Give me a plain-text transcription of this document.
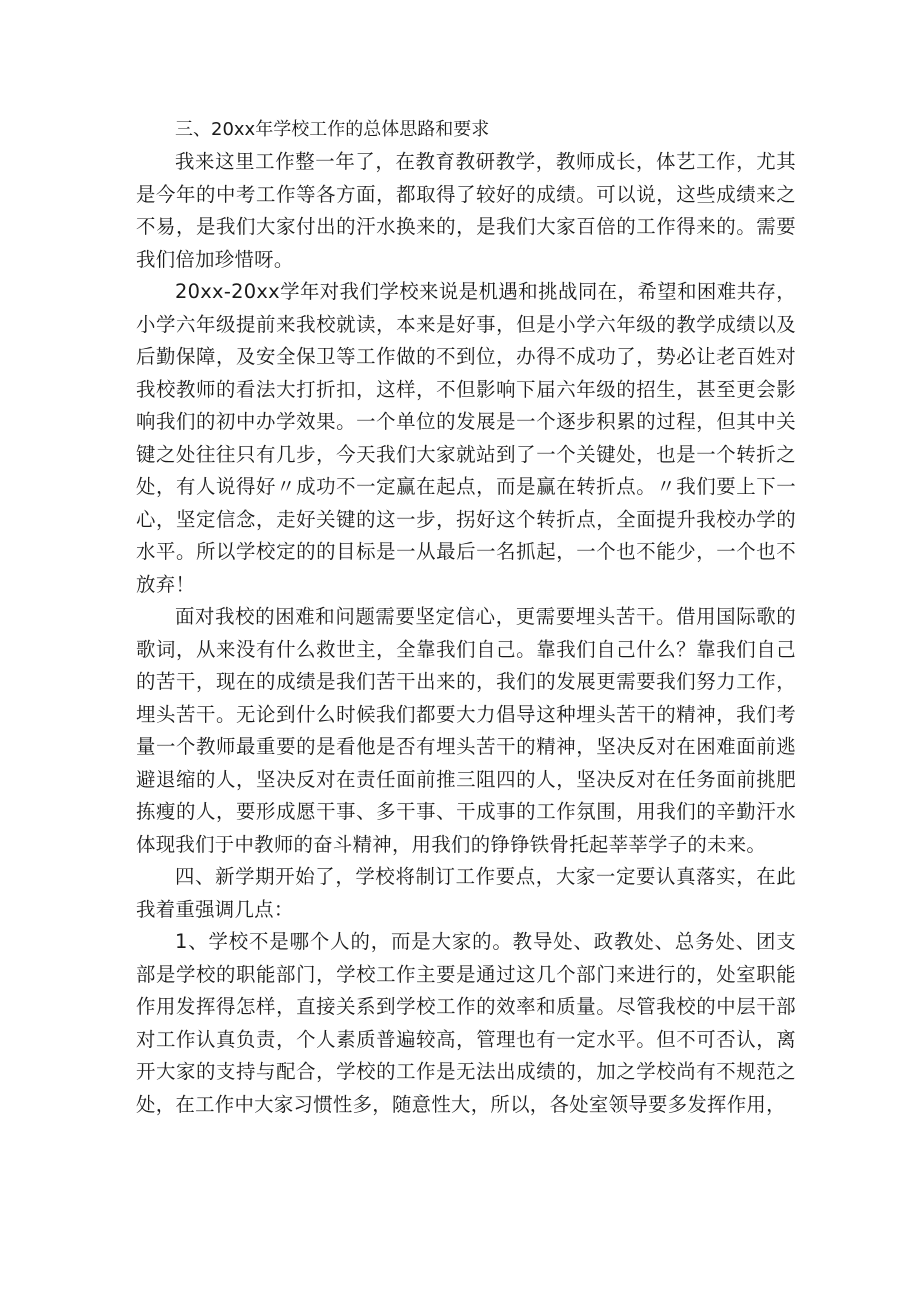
三、20xx年学校工作的总体思路和要求

我来这里工作整一年了，在教育教研教学，教师成长，体艺工作，尤其是今年的中考工作等各方面，都取得了较好的成绩。可以说，这些成绩来之不易，是我们大家付出的汗水换来的，是我们大家百倍的工作得来的。需要我们倍加珍惜呀。

20xx-20xx学年对我们学校来说是机遇和挑战同在，希望和困难共存，小学六年级提前来我校就读，本来是好事，但是小学六年级的教学成绩以及后勤保障，及安全保卫等工作做的不到位，办得不成功了，势必让老百姓对我校教师的看法大打折扣，这样，不但影响下届六年级的招生，甚至更会影响我们的初中办学效果。一个单位的发展是一个逐步积累的过程，但其中关键之处往往只有几步，今天我们大家就站到了一个关键处，也是一个转折之处，有人说得好〃成功不一定赢在起点，而是赢在转折点。〃我们要上下一心，坚定信念，走好关键的这一步，拐好这个转折点，全面提升我校办学的水平。所以学校定的的目标是一从最后一名抓起，一个也不能少，一个也不放弃！

面对我校的困难和问题需要坚定信心，更需要埋头苦干。借用国际歌的歌词，从来没有什么救世主，全靠我们自己。靠我们自己什么？靠我们自己的苦干，现在的成绩是我们苦干出来的，我们的发展更需要我们努力工作，埋头苦干。无论到什么时候我们都要大力倡导这种埋头苦干的精神，我们考量一个教师最重要的是看他是否有埋头苦干的精神，坚决反对在困难面前逃避退缩的人，坚决反对在责任面前推三阻四的人，坚决反对在任务面前挑肥拣瘦的人，要形成愿干事、多干事、干成事的工作氛围，用我们的辛勤汗水体现我们于中教师的奋斗精神，用我们的铮铮铁骨托起莘莘学子的未来。

四、新学期开始了，学校将制订工作要点，大家一定要认真落实，在此我着重强调几点：

1、学校不是哪个人的，而是大家的。教导处、政教处、总务处、团支部是学校的职能部门，学校工作主要是通过这几个部门来进行的，处室职能作用发挥得怎样，直接关系到学校工作的效率和质量。尽管我校的中层干部对工作认真负责，个人素质普遍较高，管理也有一定水平。但不可否认，离开大家的支持与配合，学校的工作是无法出成绩的，加之学校尚有不规范之处，在工作中大家习惯性多，随意性大，所以，各处室领导要多发挥作用，
